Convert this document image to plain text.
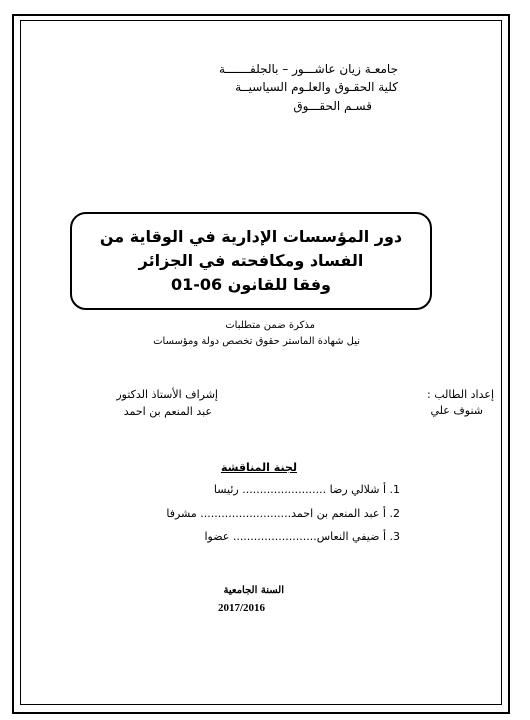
جامعـة زيان عاشـــور – بالجلفـــــــة
كلية الحقـوق والعلـوم السياسيــة
قسـم الحقـــوق
دور المؤسسات الإدارية في الوقاية من
الفساد ومكافحته في الجزائر
وفقا للقانون 06-01
مذكرة ضمن متطلبات
نيل شهادة الماستر حقوق تخصص دولة ومؤسسات
إعداد الطالب :
شنوف علي
إشراف الأستاذ الدكتور
عبد المنعم بن احمد
لجنة المناقشة
1. أ شلالي رضا ........................ رئيسا
2. أ عبد المنعم بن احمد.......................... مشرفا
3. أ ضيفي النعاس........................ عضوا
السنة الجامعية
2017/2016
